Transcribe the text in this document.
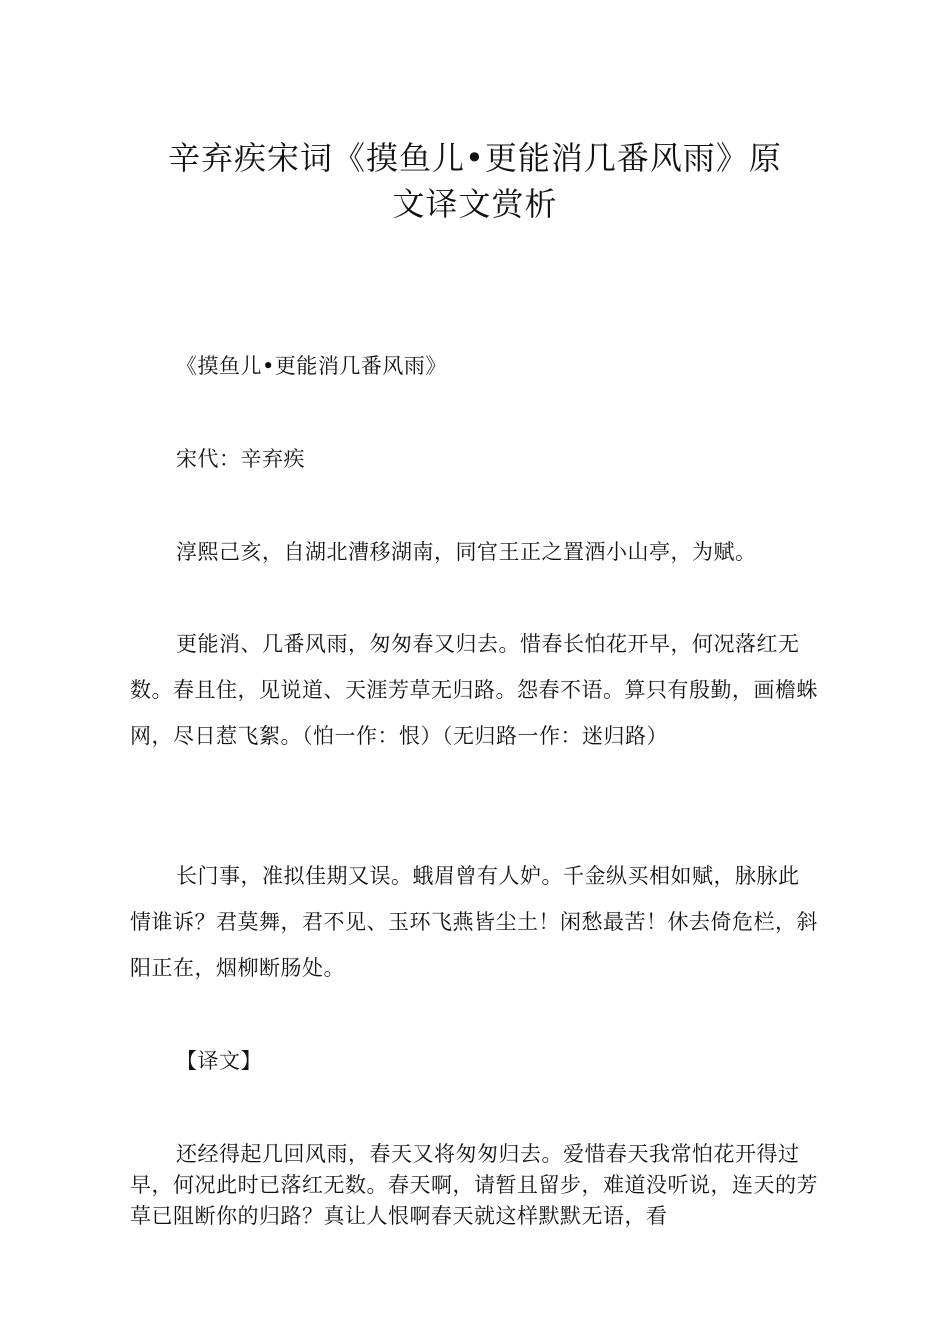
辛弃疾宋词《摸鱼儿•更能消几番风雨》原
文译文赏析

《摸鱼儿•更能消几番风雨》

宋代：辛弃疾

淳熙己亥，自湖北漕移湖南，同官王正之置酒小山亭，为赋。

更能消、几番风雨，匆匆春又归去。惜春长怕花开早，何况落红无数。春且住，见说道、天涯芳草无归路。怨春不语。算只有殷勤，画檐蛛网，尽日惹飞絮。（怕一作：恨）（无归路一作：迷归路）

长门事，准拟佳期又误。蛾眉曾有人妒。千金纵买相如赋，脉脉此情谁诉？君莫舞，君不见、玉环飞燕皆尘土！闲愁最苦！休去倚危栏，斜阳正在，烟柳断肠处。

【译文】

还经得起几回风雨，春天又将匆匆归去。爱惜春天我常怕花开得过早，何况此时已落红无数。春天啊，请暂且留步，难道没听说，连天的芳草已阻断你的归路？真让人恨啊春天就这样默默无语，看
